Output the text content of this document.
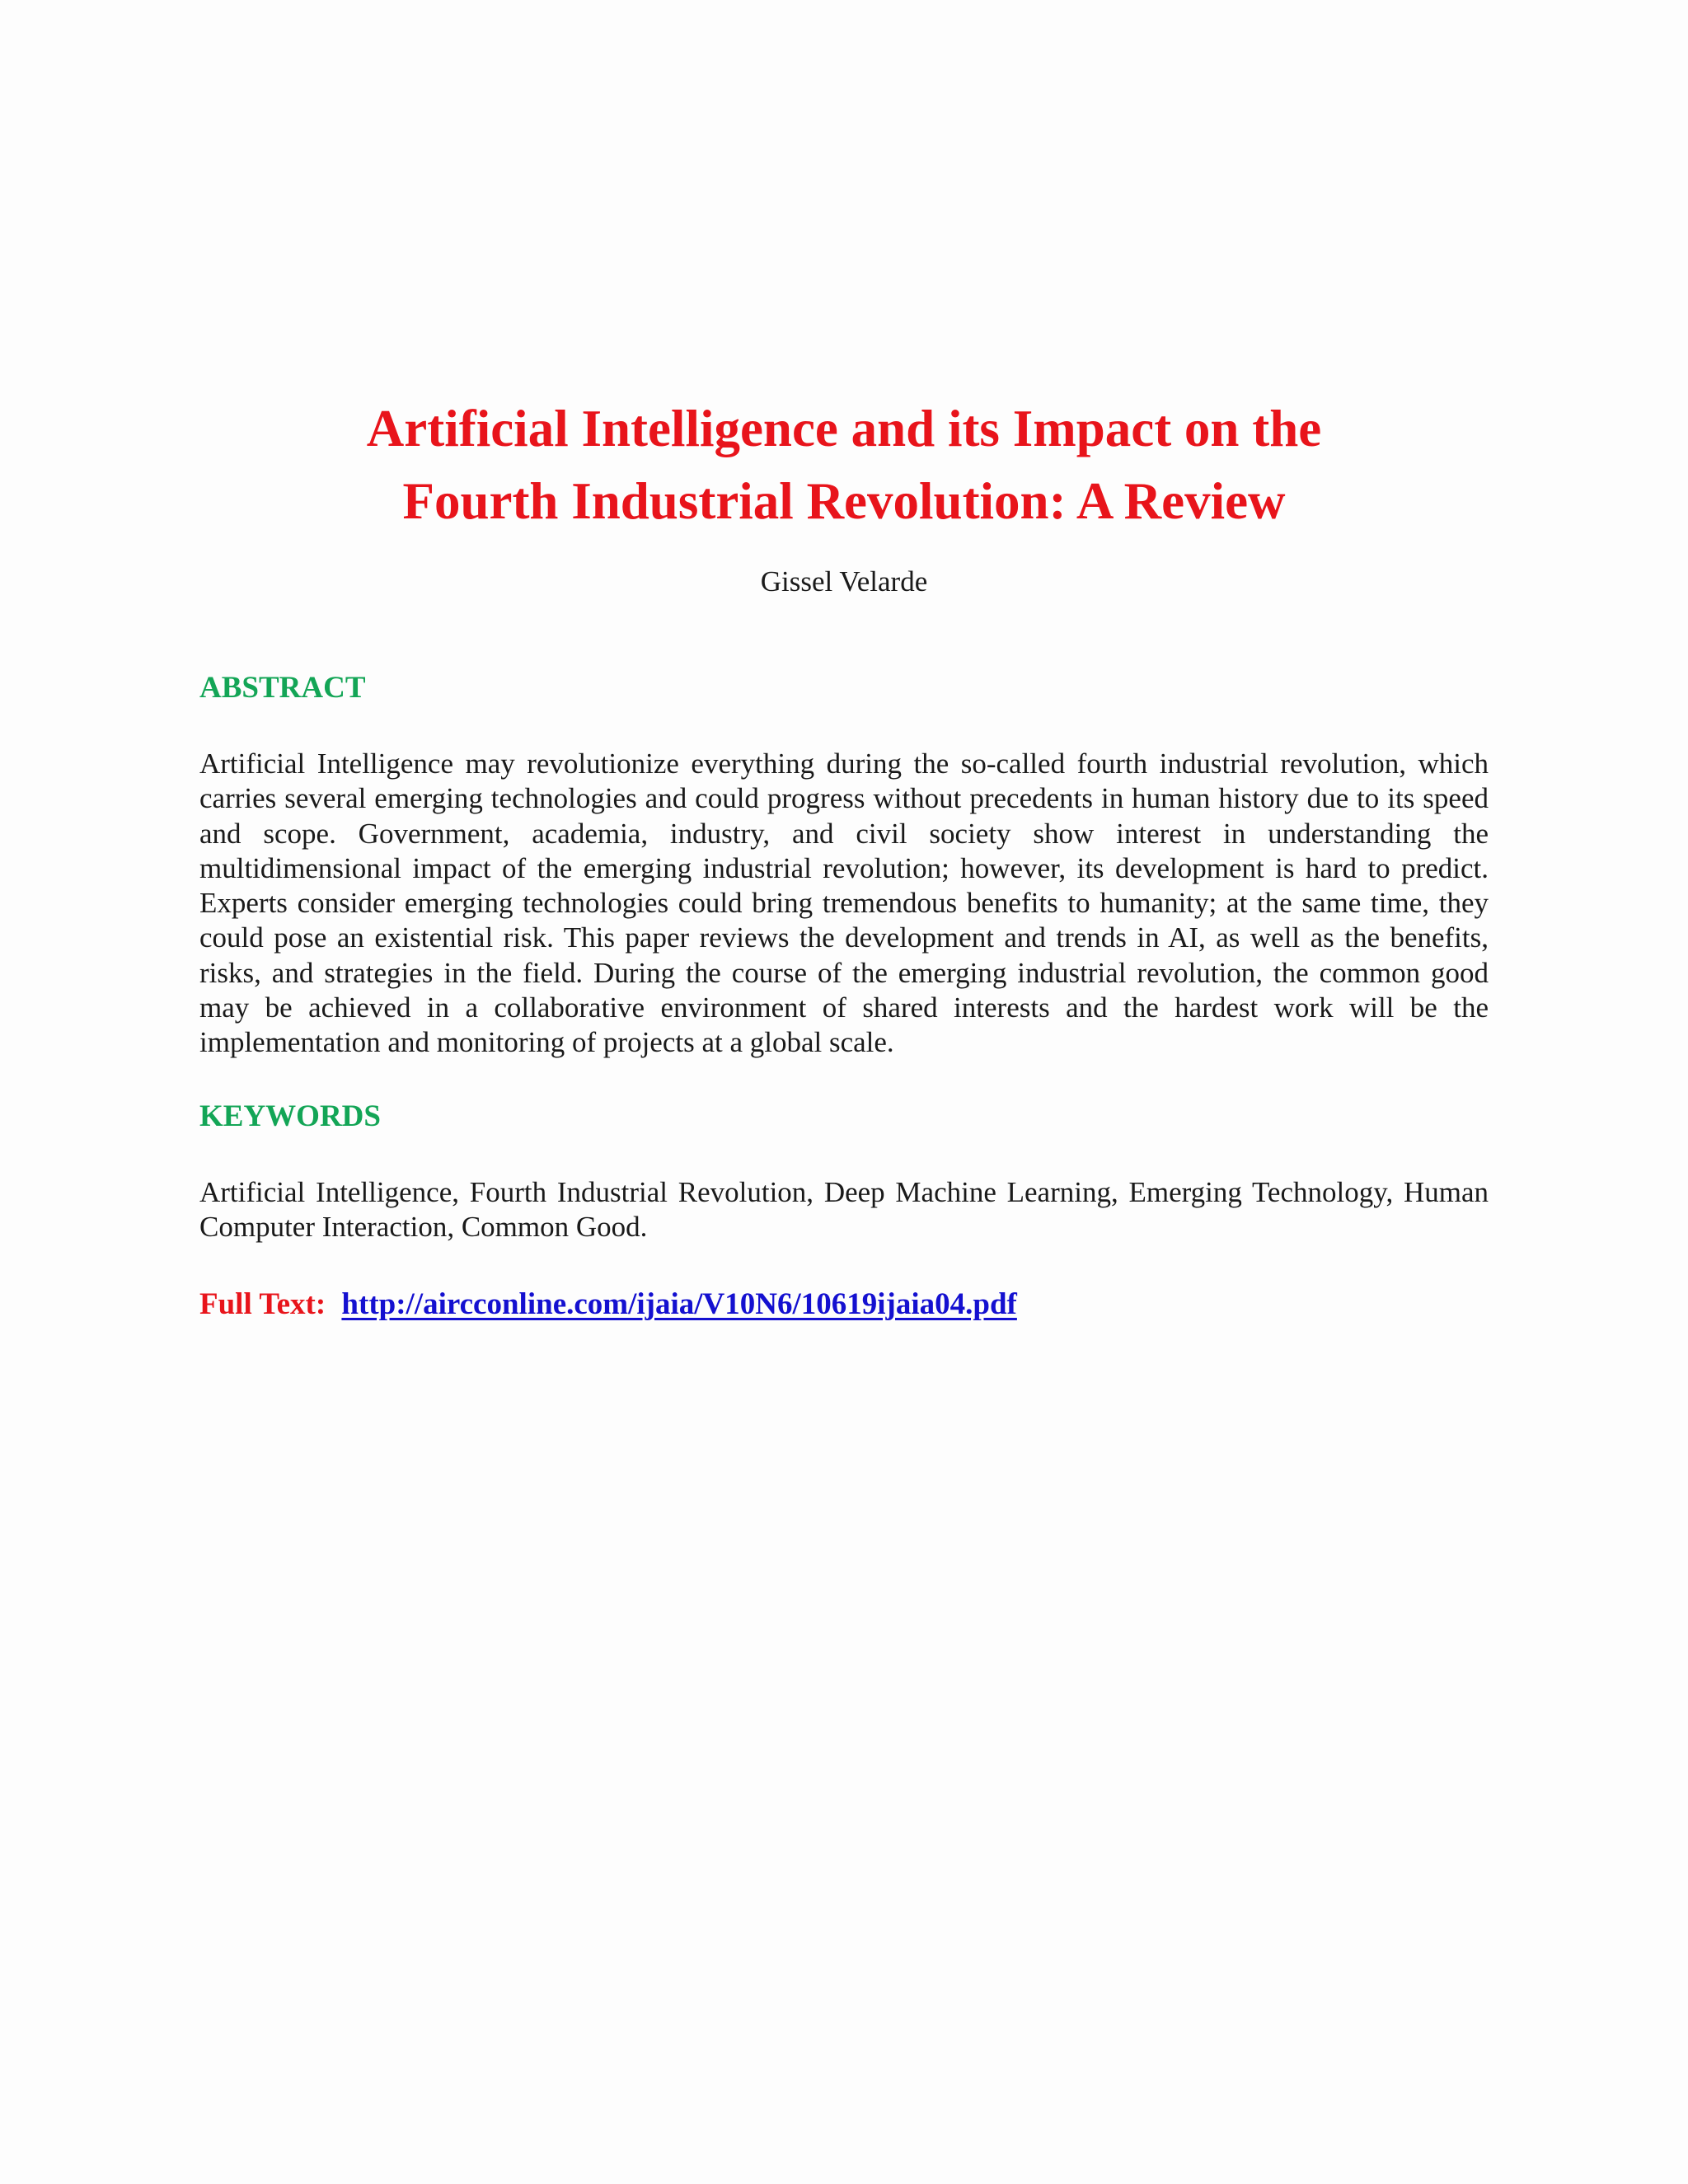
Artificial Intelligence and its Impact on the
Fourth Industrial Revolution: A Review
Gissel Velarde
ABSTRACT

Artificial Intelligence may revolutionize everything during the so-called fourth industrial revolution, which carries several emerging technologies and could progress without precedents in human history due to its speed and scope. Government, academia, industry, and civil society show interest in understanding the multidimensional impact of the emerging industrial revolution; however, its development is hard to predict. Experts consider emerging technologies could bring tremendous benefits to humanity; at the same time, they could pose an existential risk. This paper reviews the development and trends in AI, as well as the benefits, risks, and strategies in the field. During the course of the emerging industrial revolution, the common good may be achieved in a collaborative environment of shared interests and the hardest work will be the implementation and monitoring of projects at a global scale.

KEYWORDS

Artificial Intelligence, Fourth Industrial Revolution, Deep Machine Learning, Emerging Technology, Human Computer Interaction, Common Good.

Full Text: http://aircconline.com/ijaia/V10N6/10619ijaia04.pdf
